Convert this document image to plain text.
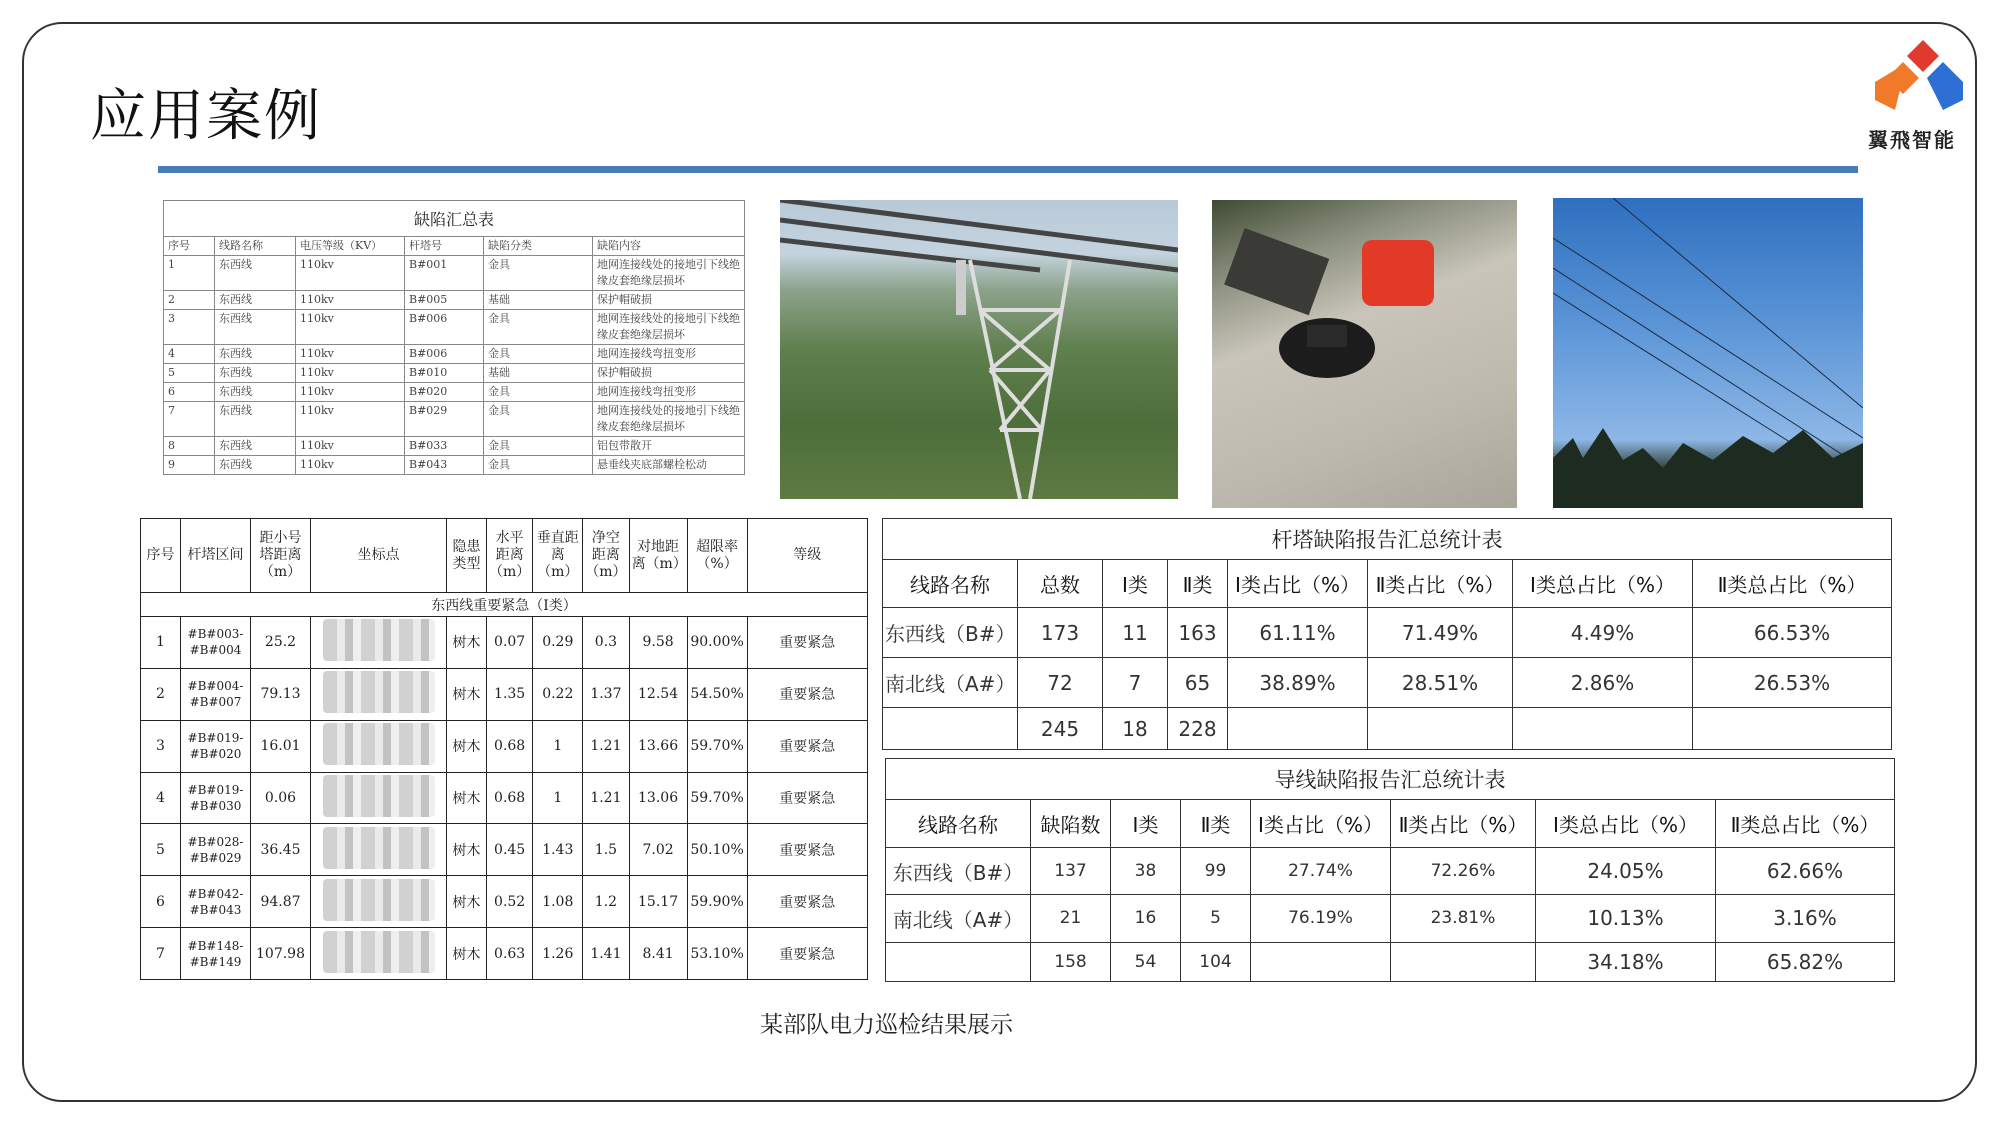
应用案例	翼飛智能
缺陷汇总表
序号	线路名称	电压等级（KV）	杆塔号	缺陷分类	缺陷内容
1	东西线	110kv	B#001	金具	地网连接线处的接地引下线绝缘皮套绝缘层损坏
2	东西线	110kv	B#005	基础	保护帽破损
3	东西线	110kv	B#006	金具	地网连接线处的接地引下线绝缘皮套绝缘层损坏
4	东西线	110kv	B#006	金具	地网连接线弯扭变形
5	东西线	110kv	B#010	基础	保护帽破损
6	东西线	110kv	B#020	金具	地网连接线弯扭变形
7	东西线	110kv	B#029	金具	地网连接线处的接地引下线绝缘皮套绝缘层损坏
8	东西线	110kv	B#033	金具	铝包带散开
9	东西线	110kv	B#043	金具	悬垂线夹底部螺栓松动
序号	杆塔区间	距小号塔距离（m）	坐标点	隐患类型	水平距离（m）	垂直距离（m）	净空距离（m）	对地距离（m）	超限率（%）	等级
东西线重要紧急（Ⅰ类）										
1	#B#003-#B#004	25.2		树木	0.07	0.29	0.3	9.58	90.00%	重要紧急
2	#B#004-#B#007	79.13		树木	1.35	0.22	1.37	12.54	54.50%	重要紧急
3	#B#019-#B#020	16.01		树木	0.68	1	1.21	13.66	59.70%	重要紧急
4	#B#019-#B#030	0.06		树木	0.68	1	1.21	13.06	59.70%	重要紧急
5	#B#028-#B#029	36.45		树木	0.45	1.43	1.5	7.02	50.10%	重要紧急
6	#B#042-#B#043	94.87		树木	0.52	1.08	1.2	15.17	59.90%	重要紧急
7	#B#148-#B#149	107.98		树木	0.63	1.26	1.41	8.41	53.10%	重要紧急
杆塔缺陷报告汇总统计表							
线路名称	总数	Ⅰ类	Ⅱ类	Ⅰ类占比（%）	Ⅱ类占比（%）	Ⅰ类总占比（%）	Ⅱ类总占比（%）
东西线（B#）	173	11	163	61.11%	71.49%	4.49%	66.53%
南北线（A#）	72	7	65	38.89%	28.51%	2.86%	26.53%
	245	18	228				
导线缺陷报告汇总统计表							
线路名称	缺陷数	Ⅰ类	Ⅱ类	Ⅰ类占比（%）	Ⅱ类占比（%）	Ⅰ类总占比（%）	Ⅱ类总占比（%）
东西线（B#）	137	38	99	27.74%	72.26%	24.05%	62.66%
南北线（A#）	21	16	5	76.19%	23.81%	10.13%	3.16%
	158	54	104			34.18%	65.82%
某部队电力巡检结果展示
